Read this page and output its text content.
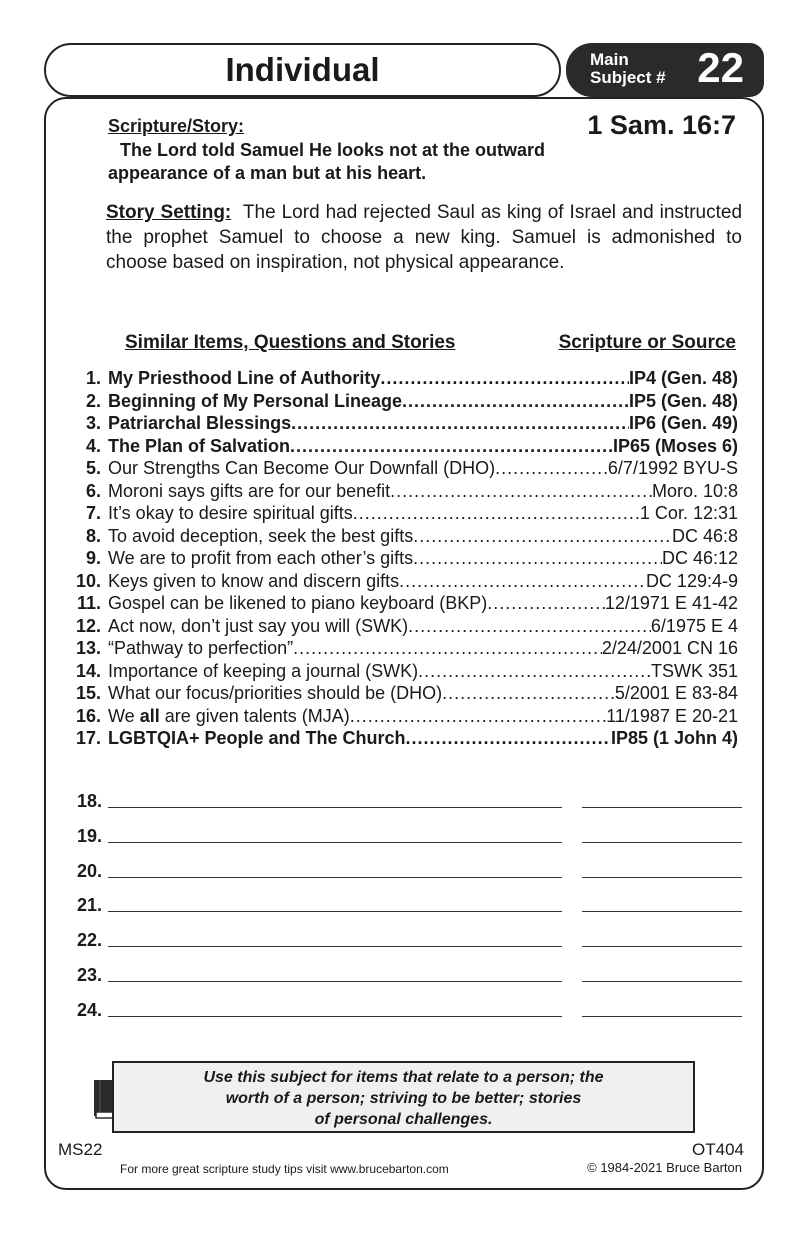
Individual	Main
Subject # 22
Scripture/Story:	1 Sam. 16:7
The Lord told Samuel He looks not at the outward appearance of a man but at his heart.
Story Setting: The Lord had rejected Saul as king of Israel and instructed the prophet Samuel to choose a new king. Samuel is admonished to choose based on inspiration, not physical appearance.
Similar Items, Questions and Stories	Scripture or Source
1. My Priesthood Line of Authority .....	IP4 (Gen. 48)
2. Beginning of My Personal Lineage .....	IP5 (Gen. 48)
3. Patriarchal Blessings .....	IP6 (Gen. 49)
4. The Plan of Salvation .....	IP65 (Moses 6)
5. Our Strengths Can Become Our Downfall (DHO) .....	6/7/1992 BYU-S
6. Moroni says gifts are for our benefit .....	Moro. 10:8
7. It’s okay to desire spiritual gifts .....	1 Cor. 12:31
8. To avoid deception, seek the best gifts .....	DC 46:8
9. We are to profit from each other’s gifts .....	DC 46:12
10. Keys given to know and discern gifts .....	DC 129:4-9
11. Gospel can be likened to piano keyboard (BKP) .....	12/1971 E 41-42
12. Act now, don’t just say you will (SWK) .....	6/1975 E 4
13. “Pathway to perfection” .....	2/24/2001 CN 16
14. Importance of keeping a journal (SWK) .....	TSWK 351
15. What our focus/priorities should be (DHO) .....	5/2001 E 83-84
16. We all are given talents (MJA) .....	11/1987 E 20-21
17. LGBTQIA+ People and The Church .....	IP85 (1 John 4)
18.
19.
20.
21.
22.
23.
24.
Use this subject for items that relate to a person; the
worth of a person; striving to be better; stories
of personal challenges.
MS22	OT404
For more great scripture study tips visit www.brucebarton.com	© 1984-2021 Bruce Barton
